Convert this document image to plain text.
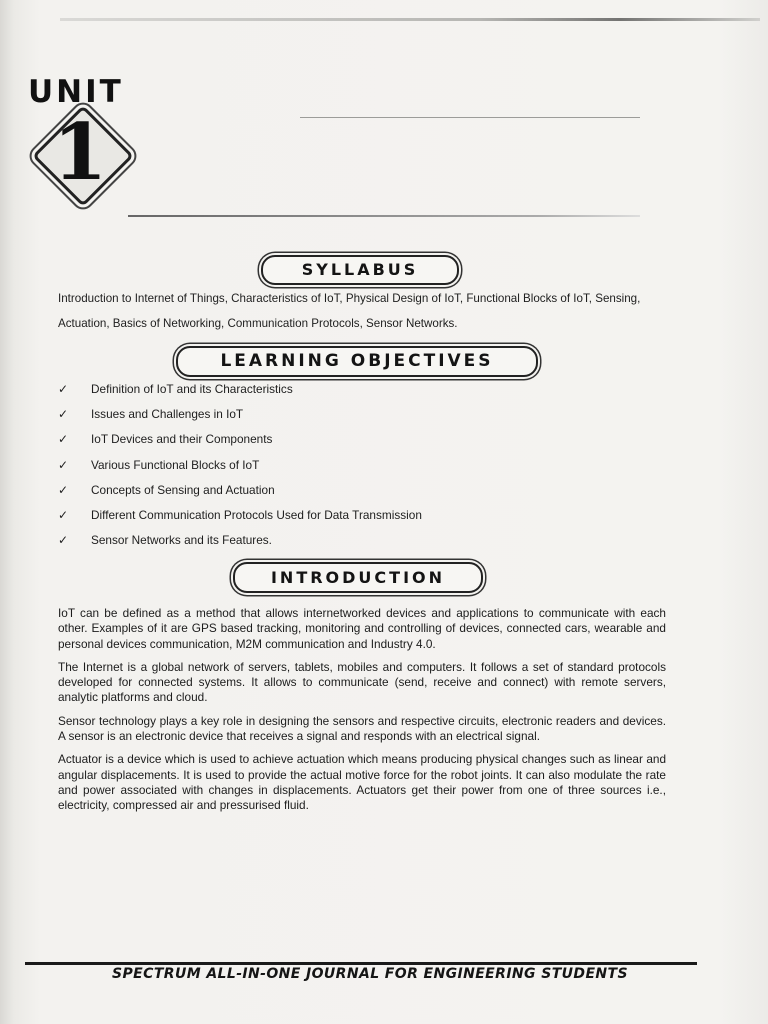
UNIT
1
SYLLABUS
Introduction to Internet of Things, Characteristics of IoT, Physical Design of IoT, Functional Blocks of IoT, Sensing, Actuation, Basics of Networking, Communication Protocols, Sensor Networks.
LEARNING OBJECTIVES
✓ Definition of IoT and its Characteristics
✓ Issues and Challenges in IoT
✓ IoT Devices and their Components
✓ Various Functional Blocks of IoT
✓ Concepts of Sensing and Actuation
✓ Different Communication Protocols Used for Data Transmission
✓ Sensor Networks and its Features.
INTRODUCTION

IoT can be defined as a method that allows internetworked devices and applications to communicate with each other. Examples of it are GPS based tracking, monitoring and controlling of devices, connected cars, wearable and personal devices communication, M2M communication and Industry 4.0.

The Internet is a global network of servers, tablets, mobiles and computers. It follows a set of standard protocols developed for connected systems. It allows to communicate (send, receive and connect) with remote servers, analytic platforms and cloud.

Sensor technology plays a key role in designing the sensors and respective circuits, electronic readers and devices. A sensor is an electronic device that receives a signal and responds with an electrical signal.

Actuator is a device which is used to achieve actuation which means producing physical changes such as linear and angular displacements. It is used to provide the actual motive force for the robot joints. It can also modulate the rate and power associated with changes in displacements. Actuators get their power from one of three sources i.e., electricity, compressed air and pressurised fluid.

SPECTRUM ALL-IN-ONE JOURNAL FOR ENGINEERING STUDENTS
